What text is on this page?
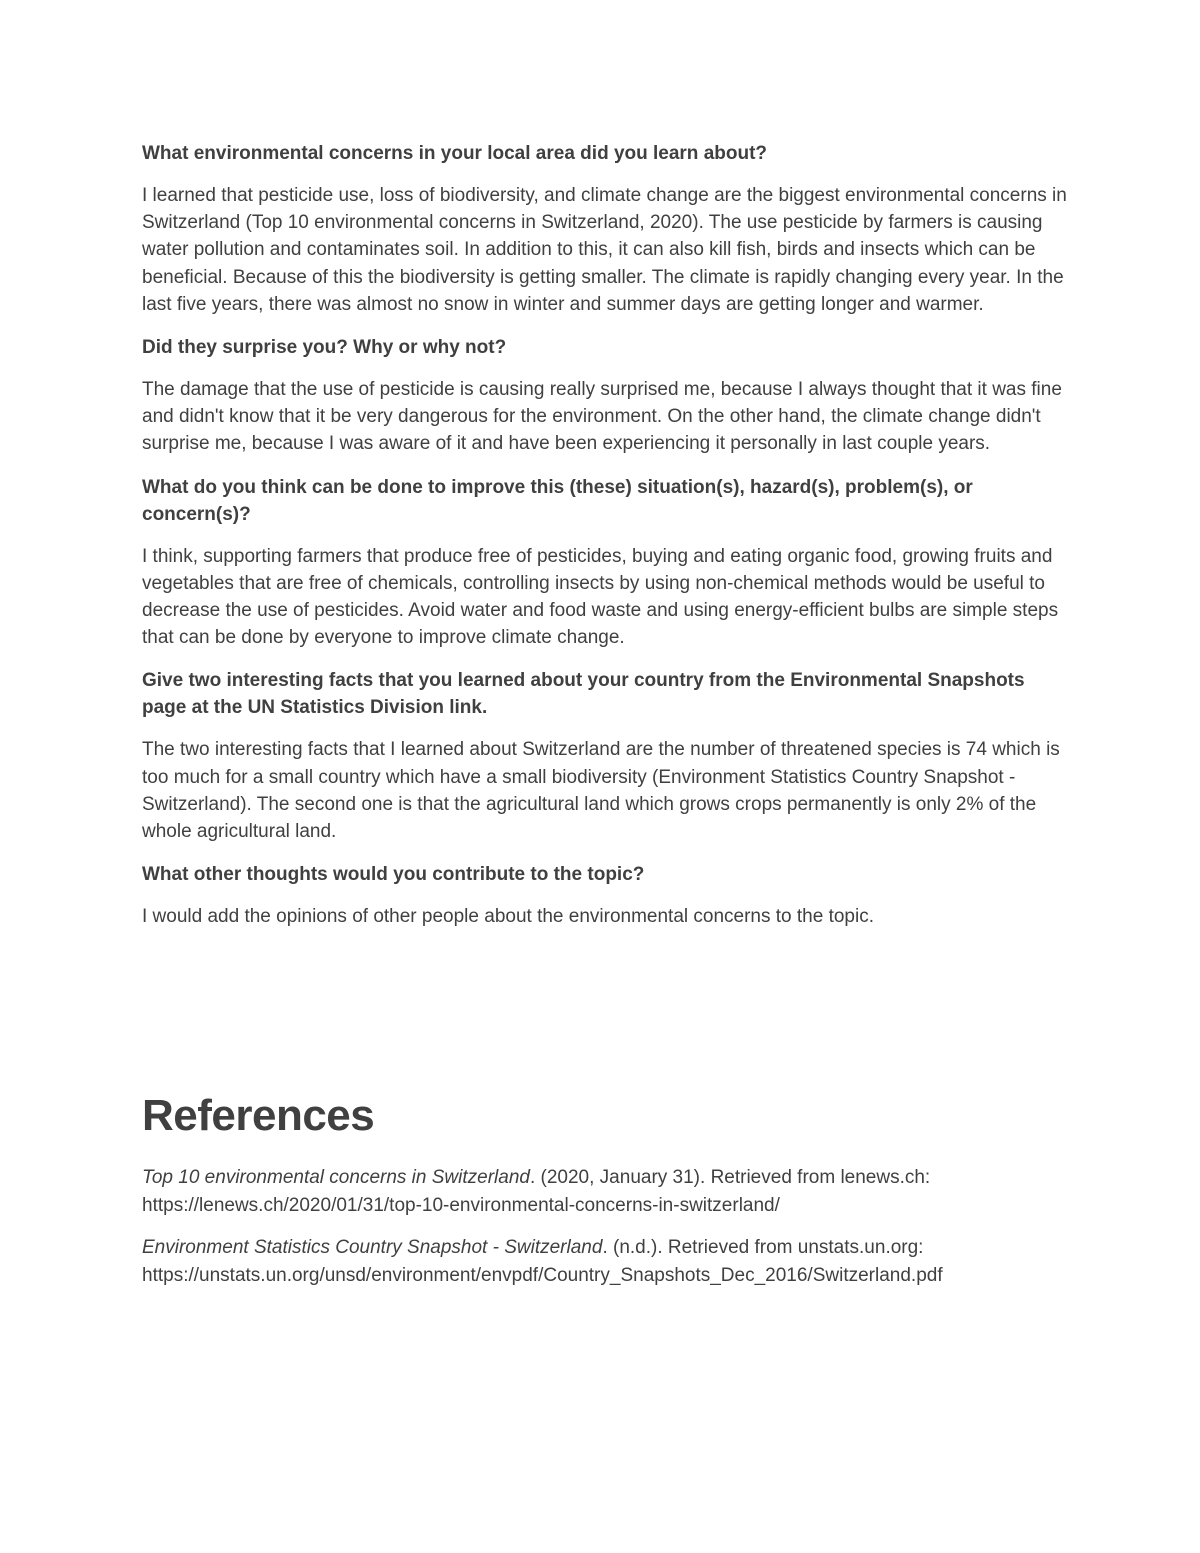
What environmental concerns in your local area did you learn about?

I learned that pesticide use, loss of biodiversity, and climate change are the biggest environmental concerns in Switzerland (Top 10 environmental concerns in Switzerland, 2020). The use pesticide by farmers is causing water pollution and contaminates soil. In addition to this, it can also kill fish, birds and insects which can be beneficial. Because of this the biodiversity is getting smaller. The climate is rapidly changing every year. In the last five years, there was almost no snow in winter and summer days are getting longer and warmer.

Did they surprise you? Why or why not?

The damage that the use of pesticide is causing really surprised me, because I always thought that it was fine and didn't know that it be very dangerous for the environment. On the other hand, the climate change didn't surprise me, because I was aware of it and have been experiencing it personally in last couple years.

What do you think can be done to improve this (these) situation(s), hazard(s), problem(s), or concern(s)?

I think, supporting farmers that produce free of pesticides, buying and eating organic food, growing fruits and vegetables that are free of chemicals, controlling insects by using non-chemical methods would be useful to decrease the use of pesticides. Avoid water and food waste and using energy-efficient bulbs are simple steps that can be done by everyone to improve climate change.

Give two interesting facts that you learned about your country from the Environmental Snapshots page at the UN Statistics Division link.

The two interesting facts that I learned about Switzerland are the number of threatened species is 74 which is too much for a small country which have a small biodiversity (Environment Statistics Country Snapshot - Switzerland). The second one is that the agricultural land which grows crops permanently is only 2% of the whole agricultural land.

What other thoughts would you contribute to the topic?

I would add the opinions of other people about the environmental concerns to the topic.

References

Top 10 environmental concerns in Switzerland. (2020, January 31). Retrieved from lenews.ch:
https://lenews.ch/2020/01/31/top-10-environmental-concerns-in-switzerland/

Environment Statistics Country Snapshot - Switzerland. (n.d.). Retrieved from unstats.un.org:
https://unstats.un.org/unsd/environment/envpdf/Country_Snapshots_Dec_2016/Switzerland.pdf
